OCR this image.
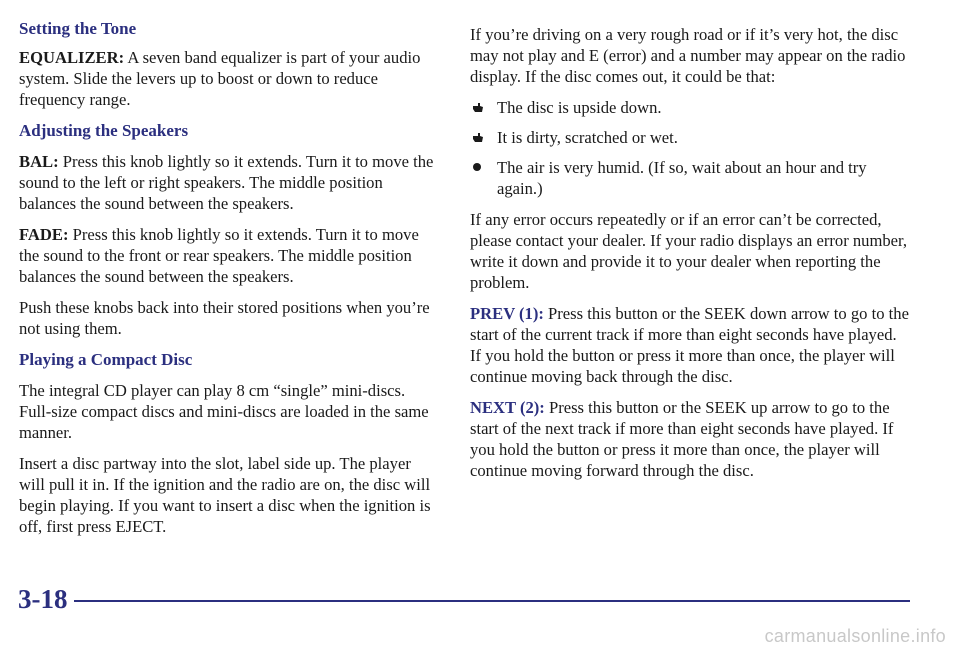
Setting the Tone

EQUALIZER: A seven band equalizer is part of your audio system. Slide the levers up to boost or down to reduce frequency range.

Adjusting the Speakers

BAL: Press this knob lightly so it extends. Turn it to move the sound to the left or right speakers. The middle position balances the sound between the speakers.

FADE: Press this knob lightly so it extends. Turn it to move the sound to the front or rear speakers. The middle position balances the sound between the speakers.

Push these knobs back into their stored positions when you’re not using them.

Playing a Compact Disc

The integral CD player can play 8 cm “single” mini-discs. Full-size compact discs and mini-discs are loaded in the same manner.

Insert a disc partway into the slot, label side up. The player will pull it in. If the ignition and the radio are on, the disc will begin playing. If you want to insert a disc when the ignition is off, first press EJECT.

If you’re driving on a very rough road or if it’s very hot, the disc may not play and E (error) and a number may appear on the radio display. If the disc comes out, it could be that:

The disc is upside down.
It is dirty, scratched or wet.
The air is very humid. (If so, wait about an hour and try again.)

If any error occurs repeatedly or if an error can’t be corrected, please contact your dealer. If your radio displays an error number, write it down and provide it to your dealer when reporting the problem.

PREV (1): Press this button or the SEEK down arrow to go to the start of the current track if more than eight seconds have played. If you hold the button or press it more than once, the player will continue moving back through the disc.

NEXT (2): Press this button or the SEEK up arrow to go to the start of the next track if more than eight seconds have played. If you hold the button or press it more than once, the player will continue moving forward through the disc.

3-18
carmanualsonline.info
